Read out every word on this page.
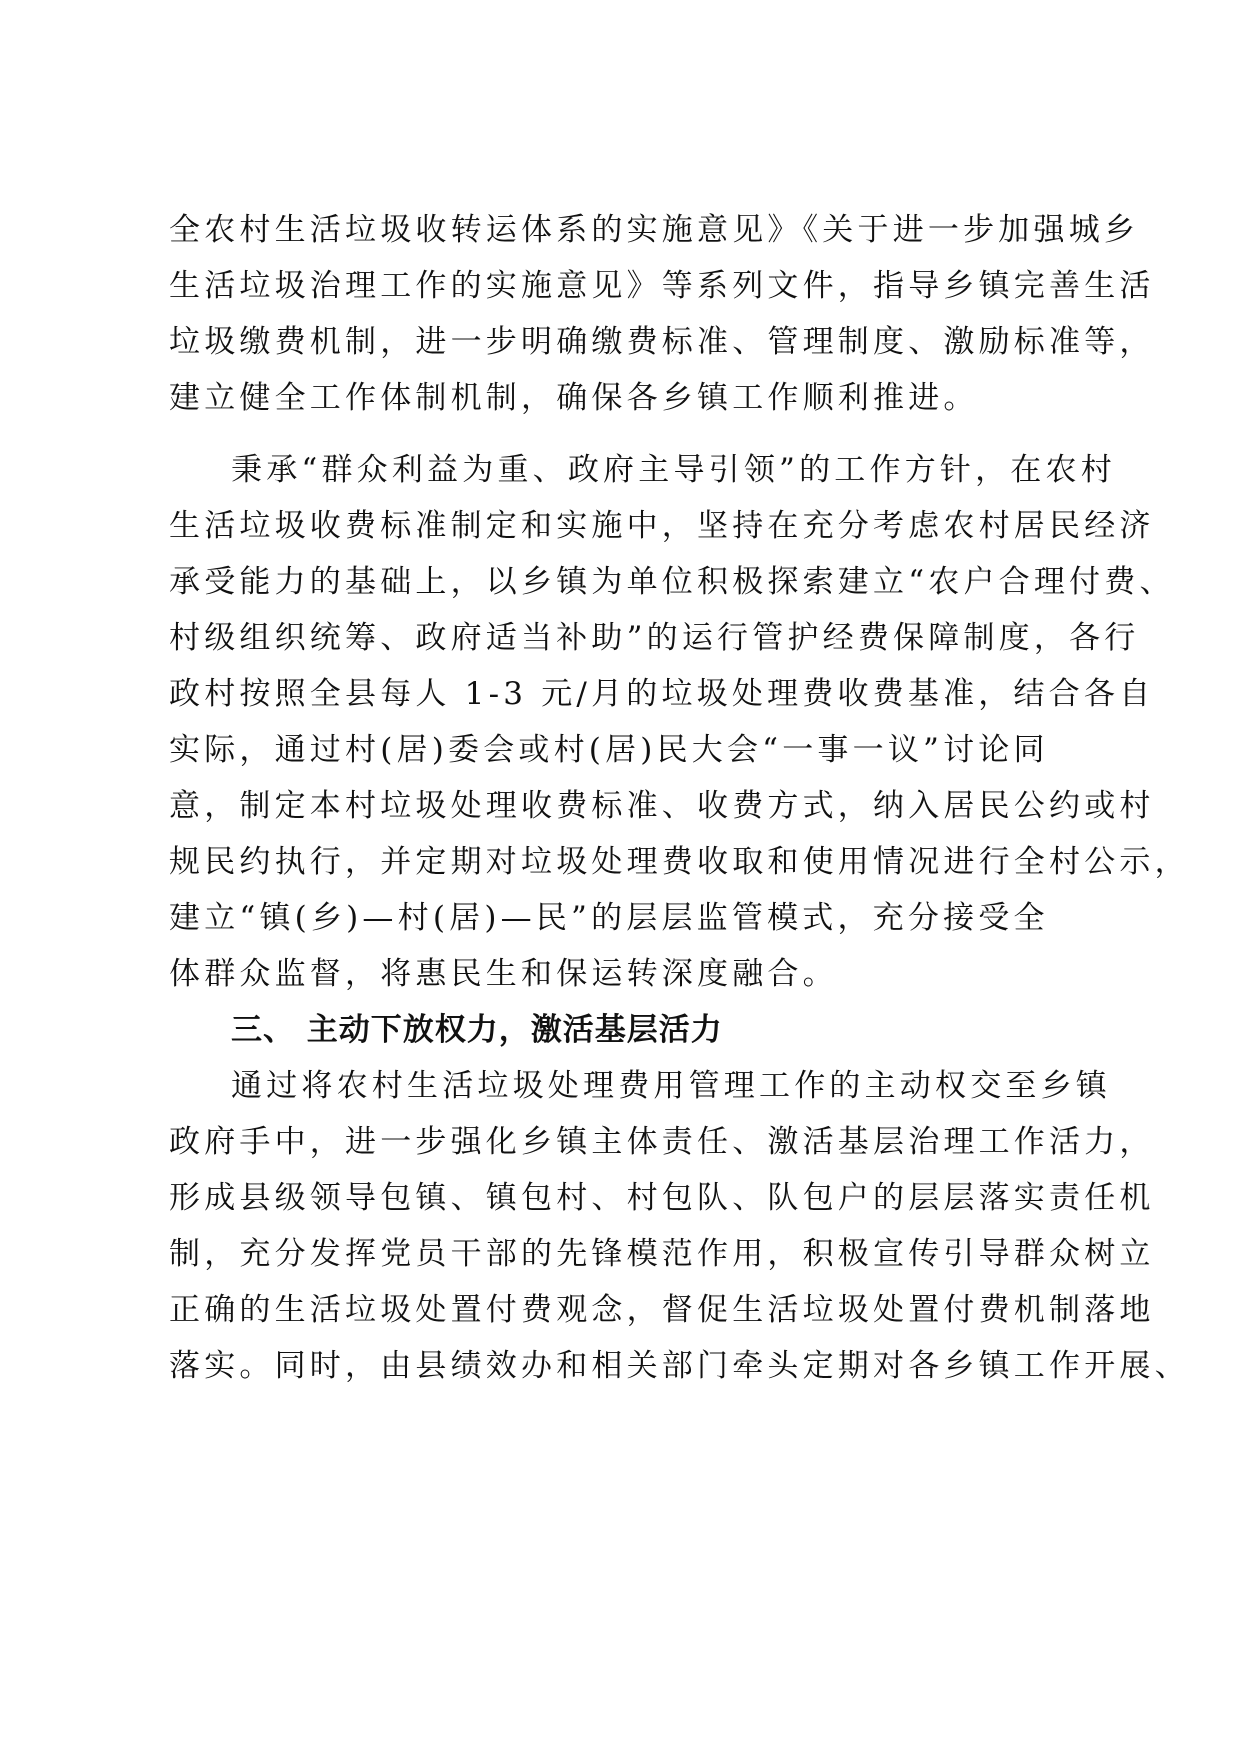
全农村生活垃圾收转运体系的实施意见》《关于进一步加强城乡
生活垃圾治理工作的实施意见》等系列文件，指导乡镇完善生活
垃圾缴费机制，进一步明确缴费标准、管理制度、激励标准等，
建立健全工作体制机制，确保各乡镇工作顺利推进。
秉承“群众利益为重、政府主导引领”的工作方针，在农村
生活垃圾收费标准制定和实施中，坚持在充分考虑农村居民经济
承受能力的基础上，以乡镇为单位积极探索建立“农户合理付费、
村级组织统筹、政府适当补助”的运行管护经费保障制度，各行
政村按照全县每人 1-3 元/月的垃圾处理费收费基准，结合各自
实际，通过村(居)委会或村(居)民大会“一事一议”讨论同
意，制定本村垃圾处理收费标准、收费方式，纳入居民公约或村
规民约执行，并定期对垃圾处理费收取和使用情况进行全村公示，
建立“镇(乡)—村(居)—民”的层层监管模式，充分接受全
体群众监督，将惠民生和保运转深度融合。
三、 主动下放权力，激活基层活力
通过将农村生活垃圾处理费用管理工作的主动权交至乡镇
政府手中，进一步强化乡镇主体责任、激活基层治理工作活力，
形成县级领导包镇、镇包村、村包队、队包户的层层落实责任机
制，充分发挥党员干部的先锋模范作用，积极宣传引导群众树立
正确的生活垃圾处置付费观念，督促生活垃圾处置付费机制落地
落实。同时，由县绩效办和相关部门牵头定期对各乡镇工作开展、
